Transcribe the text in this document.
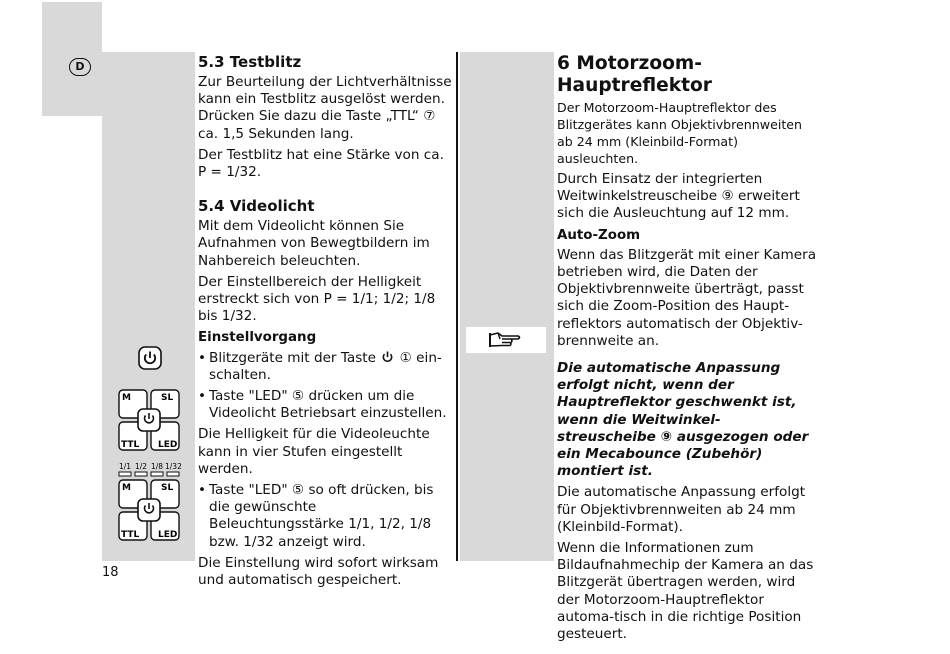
D
M	SL
TTL LED
1/1 1/2 1/8 1/32
M	SL
TTL LED
5.3 Testblitz

Zur Beurteilung der Lichtverhältnisse kann ein Testblitz ausgelöst werden. Drücken Sie dazu die Taste „TTL“ ⑦ ca. 1,5 Sekunden lang.

Der Testblitz hat eine Stärke von ca. P = 1/32.

5.4 Videolicht

Mit dem Videolicht können Sie Aufnahmen von Bewegtbildern im Nahbereich beleuchten.

Der Einstellbereich der Helligkeit erstreckt sich von P = 1/1; 1/2; 1/8 bis 1/32.

Einstellvorgang
• Blitzgeräte mit der Taste ① ein-schalten.
• Taste "LED" ⑤ drücken um die Videolicht Betriebsart einzustellen.

Die Helligkeit für die Videoleuchte kann in vier Stufen eingestellt werden.

• Taste "LED" ⑤ so oft drücken, bis die gewünschte Beleuchtungsstärke 1/1, 1/2, 1/8 bzw. 1/32 anzeigt wird.

Die Einstellung wird sofort wirksam und automatisch gespeichert.

6 Motorzoom-Hauptreflektor

Der Motorzoom-Hauptreflektor des Blitzgerätes kann Objektivbrennweiten ab 24 mm (Kleinbild-Format) ausleuchten.

Durch Einsatz der integrierten Weitwinkelstreuscheibe ⑨ erweitert sich die Ausleuchtung auf 12 mm.

Auto-Zoom

Wenn das Blitzgerät mit einer Kamera betrieben wird, die Daten der Objektivbrennweite überträgt, passt sich die Zoom-Position des Haupt-reflektors automatisch der Objektiv-brennweite an.

Die automatische Anpassung erfolgt nicht, wenn der Hauptreflektor geschwenkt ist, wenn die Weitwinkel-streuscheibe ⑨ ausgezogen oder ein Mecabounce (Zubehör) montiert ist.

Die automatische Anpassung erfolgt für Objektivbrennweiten ab 24 mm (Kleinbild-Format).

Wenn die Informationen zum Bildaufnahmechip der Kamera an das Blitzgerät übertragen werden, wird der Motorzoom-Hauptreflektor automa-tisch in die richtige Position gesteuert.

18
